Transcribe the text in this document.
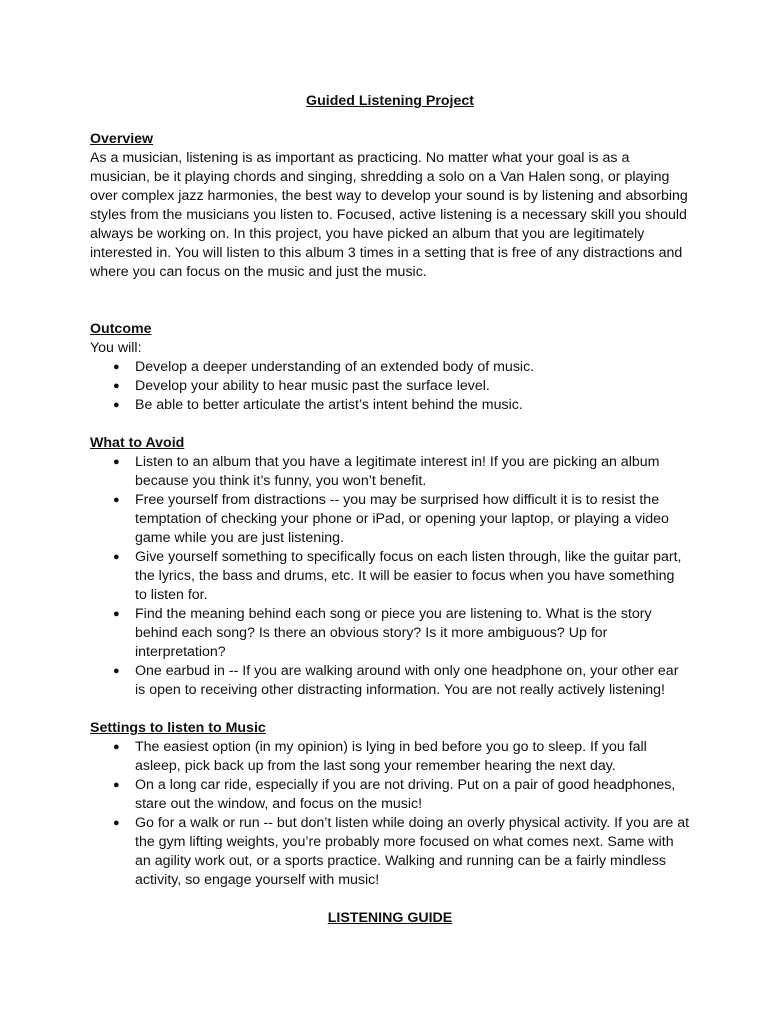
Guided Listening Project

Overview

As a musician, listening is as important as practicing. No matter what your goal is as a musician, be it playing chords and singing, shredding a solo on a Van Halen song, or playing over complex jazz harmonies, the best way to develop your sound is by listening and absorbing styles from the musicians you listen to. Focused, active listening is a necessary skill you should always be working on. In this project, you have picked an album that you are legitimately interested in. You will listen to this album 3 times in a setting that is free of any distractions and where you can focus on the music and just the music.

Outcome

You will:

● Develop a deeper understanding of an extended body of music.
● Develop your ability to hear music past the surface level.
● Be able to better articulate the artist’s intent behind the music.

What to Avoid

● Listen to an album that you have a legitimate interest in! If you are picking an album because you think it’s funny, you won’t benefit.
● Free yourself from distractions -- you may be surprised how difficult it is to resist the temptation of checking your phone or iPad, or opening your laptop, or playing a video game while you are just listening.
● Give yourself something to specifically focus on each listen through, like the guitar part, the lyrics, the bass and drums, etc. It will be easier to focus when you have something to listen for.
● Find the meaning behind each song or piece you are listening to. What is the story behind each song? Is there an obvious story? Is it more ambiguous? Up for interpretation?
● One earbud in -- If you are walking around with only one headphone on, your other ear is open to receiving other distracting information. You are not really actively listening!

Settings to listen to Music

● The easiest option (in my opinion) is lying in bed before you go to sleep. If you fall asleep, pick back up from the last song your remember hearing the next day.
● On a long car ride, especially if you are not driving. Put on a pair of good headphones, stare out the window, and focus on the music!
● Go for a walk or run -- but don’t listen while doing an overly physical activity. If you are at the gym lifting weights, you’re probably more focused on what comes next. Same with an agility work out, or a sports practice. Walking and running can be a fairly mindless activity, so engage yourself with music!

LISTENING GUIDE
